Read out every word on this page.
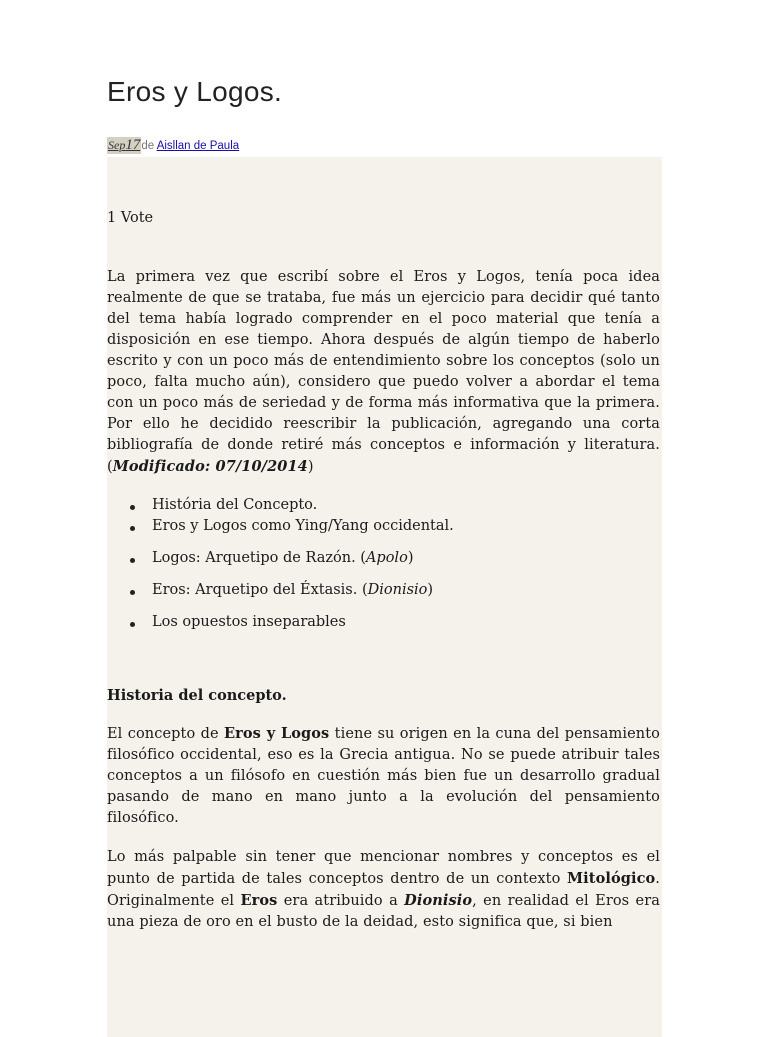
Eros y Logos.
Sep17de Aisllan de Paula
1 Vote

La primera vez que escribí sobre el Eros y Logos, tenía poca idea realmente de que se trataba, fue más un ejercicio para decidir qué tanto del tema había logrado comprender en el poco material que tenía a disposición en ese tiempo. Ahora después de algún tiempo de haberlo escrito y con un poco más de entendimiento sobre los conceptos (solo un poco, falta mucho aún), considero que puedo volver a abordar el tema con un poco más de seriedad y de forma más informativa que la primera. Por ello he decidido reescribir la publicación, agregando una corta bibliografía de donde retiré más conceptos e información y literatura. (Modificado: 07/10/2014)

História del Concepto.
Eros y Logos como Ying/Yang occidental.
Logos: Arquetipo de Razón. (Apolo)
Eros: Arquetipo del Éxtasis. (Dionisio)
Los opuestos inseparables
Historia del concepto.

El concepto de Eros y Logos tiene su origen en la cuna del pensamiento filosófico occidental, eso es la Grecia antigua. No se puede atribuir tales conceptos a un filósofo en cuestión más bien fue un desarrollo gradual pasando de mano en mano junto a la evolución del pensamiento filosófico.

Lo más palpable sin tener que mencionar nombres y conceptos es el punto de partida de tales conceptos dentro de un contexto Mitológico. Originalmente el Eros era atribuido a Dionisio, en realidad el Eros era una pieza de oro en el busto de la deidad, esto significa que, si bien
